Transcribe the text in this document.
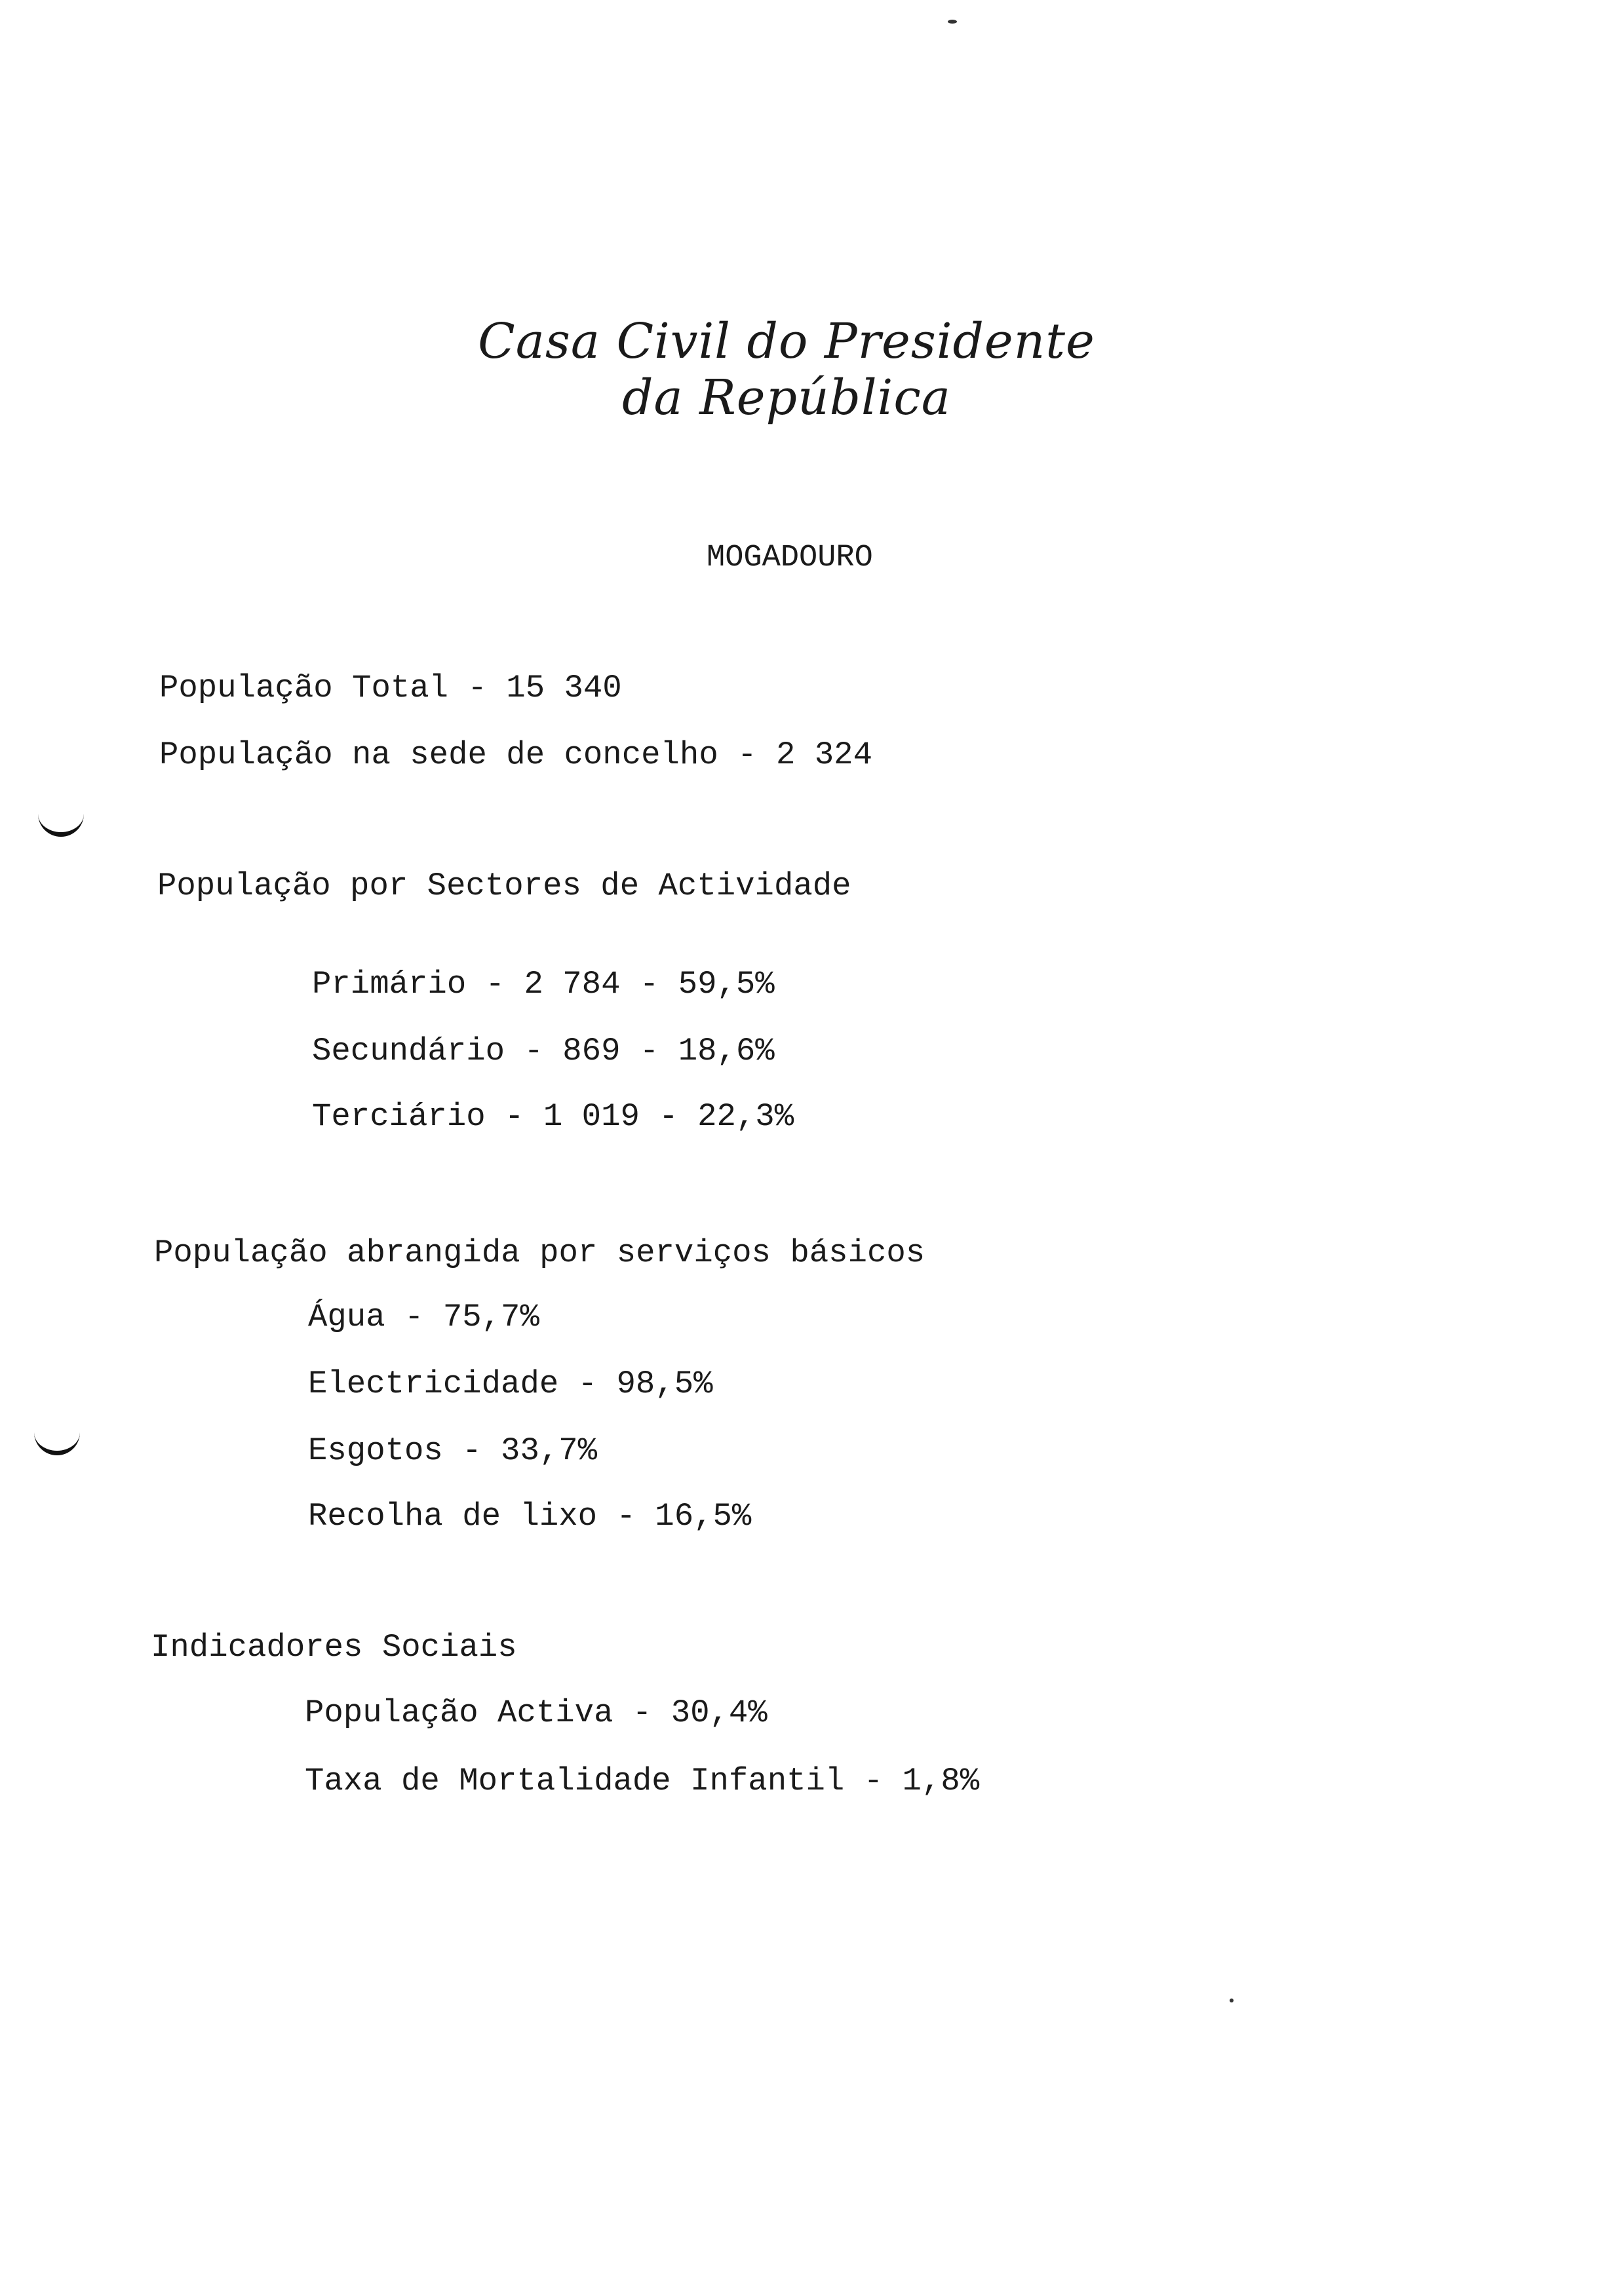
Casa Civil do Presidente da República
MOGADOURO
População Total - 15 340
População na sede de concelho - 2 324
População por Sectores de Actividade
Primário - 2 784 - 59,5%
Secundário - 869 - 18,6%
Terciário - 1 019 - 22,3%
População abrangida por serviços básicos
Água - 75,7%
Electricidade - 98,5%
Esgotos - 33,7%
Recolha de lixo - 16,5%
Indicadores Sociais
População Activa - 30,4%
Taxa de Mortalidade Infantil - 1,8%
